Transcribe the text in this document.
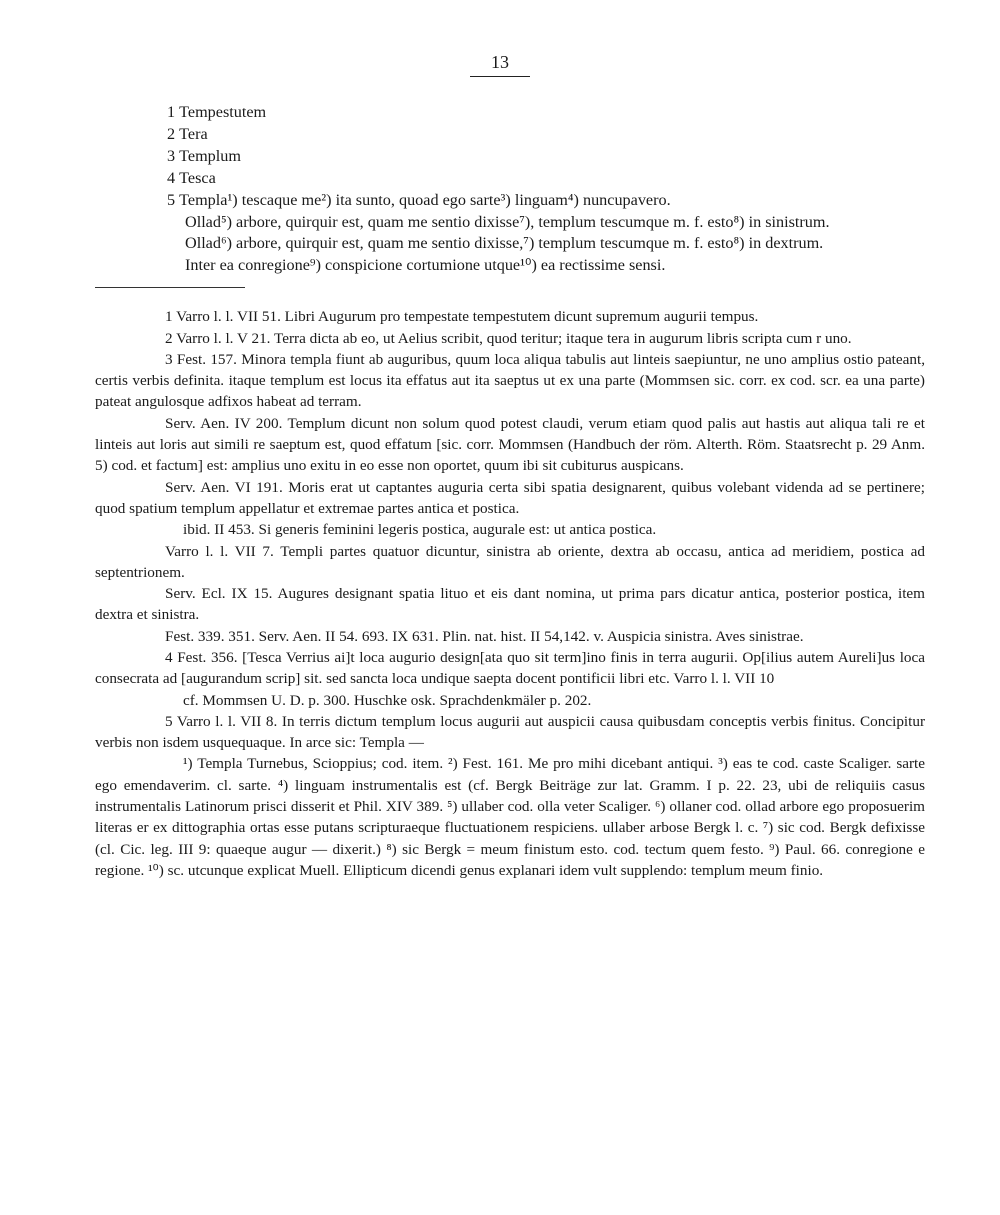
13

1 Tempestutem

2 Tera

3 Templum

4 Tesca

5 Templa¹) tescaque me²) ita sunto, quoad ego sarte³) linguam⁴) nuncupavero.

Ollad⁵) arbore, quirquir est, quam me sentio dixisse⁷), templum tescumque m. f. esto⁸) in sinistrum.

Ollad⁶) arbore, quirquir est, quam me sentio dixisse,⁷) templum tescumque m. f. esto⁸) in dextrum.

Inter ea conregione⁹) conspicione cortumione utque¹⁰) ea rectissime sensi.

1 Varro l. l. VII 51. Libri Augurum pro tempestate tempestutem dicunt supremum augurii tempus.

2 Varro l. l. V 21. Terra dicta ab eo, ut Aelius scribit, quod teritur; itaque tera in augurum libris scripta cum r uno.

3 Fest. 157. Minora templa fiunt ab auguribus, quum loca aliqua tabulis aut linteis saepiuntur, ne uno amplius ostio pateant, certis verbis definita. itaque templum est locus ita effatus aut ita saeptus ut ex una parte (Mommsen sic. corr. ex cod. scr. ea una parte) pateat angulosque adfixos habeat ad terram.

Serv. Aen. IV 200. Templum dicunt non solum quod potest claudi, verum etiam quod palis aut hastis aut aliqua tali re et linteis aut loris aut simili re saeptum est, quod effatum [sic. corr. Mommsen (Handbuch der röm. Alterth. Röm. Staatsrecht p. 29 Anm. 5) cod. et factum] est: amplius uno exitu in eo esse non oportet, quum ibi sit cubiturus auspicans.

Serv. Aen. VI 191. Moris erat ut captantes auguria certa sibi spatia designarent, quibus volebant videnda ad se pertinere; quod spatium templum appellatur et extremae partes antica et postica.

ibid. II 453. Si generis feminini legeris postica, augurale est: ut antica postica.

Varro l. l. VII 7. Templi partes quatuor dicuntur, sinistra ab oriente, dextra ab occasu, antica ad meridiem, postica ad septentrionem.

Serv. Ecl. IX 15. Augures designant spatia lituo et eis dant nomina, ut prima pars dicatur antica, posterior postica, item dextra et sinistra.

Fest. 339. 351. Serv. Aen. II 54. 693. IX 631. Plin. nat. hist. II 54,142. v. Auspicia sinistra. Aves sinistrae.

4 Fest. 356. [Tesca Verrius ai]t loca augurio design[ata quo sit term]ino finis in terra augurii. Op[ilius autem Aureli]us loca consecrata ad [augurandum scrip] sit. sed sancta loca undique saepta docent pontificii libri etc. Varro l. l. VII 10

cf. Mommsen U. D. p. 300. Huschke osk. Sprachdenkmäler p. 202.

5 Varro l. l. VII 8. In terris dictum templum locus augurii aut auspicii causa quibusdam conceptis verbis finitus. Concipitur verbis non isdem usquequaque. In arce sic: Templa —

¹) Templa Turnebus, Scioppius; cod. item. ²) Fest. 161. Me pro mihi dicebant antiqui. ³) eas te cod. caste Scaliger. sarte ego emendaverim. cl. sarte. ⁴) linguam instrumentalis est (cf. Bergk Beiträge zur lat. Gramm. I p. 22. 23, ubi de reliquiis casus instrumentalis Latinorum prisci disserit et Phil. XIV 389. ⁵) ullaber cod. olla veter Scaliger. ⁶) ollaner cod. ollad arbore ego proposuerim literas er ex dittographia ortas esse putans scripturaeque fluctuationem respiciens. ullaber arbose Bergk l. c. ⁷) sic cod. Bergk defixisse (cl. Cic. leg. III 9: quaeque augur — dixerit.) ⁸) sic Bergk = meum finistum esto. cod. tectum quem festo. ⁹) Paul. 66. conregione e regione. ¹⁰) sc. utcunque explicat Muell. Ellipticum dicendi genus explanari idem vult supplendo: templum meum finio.
